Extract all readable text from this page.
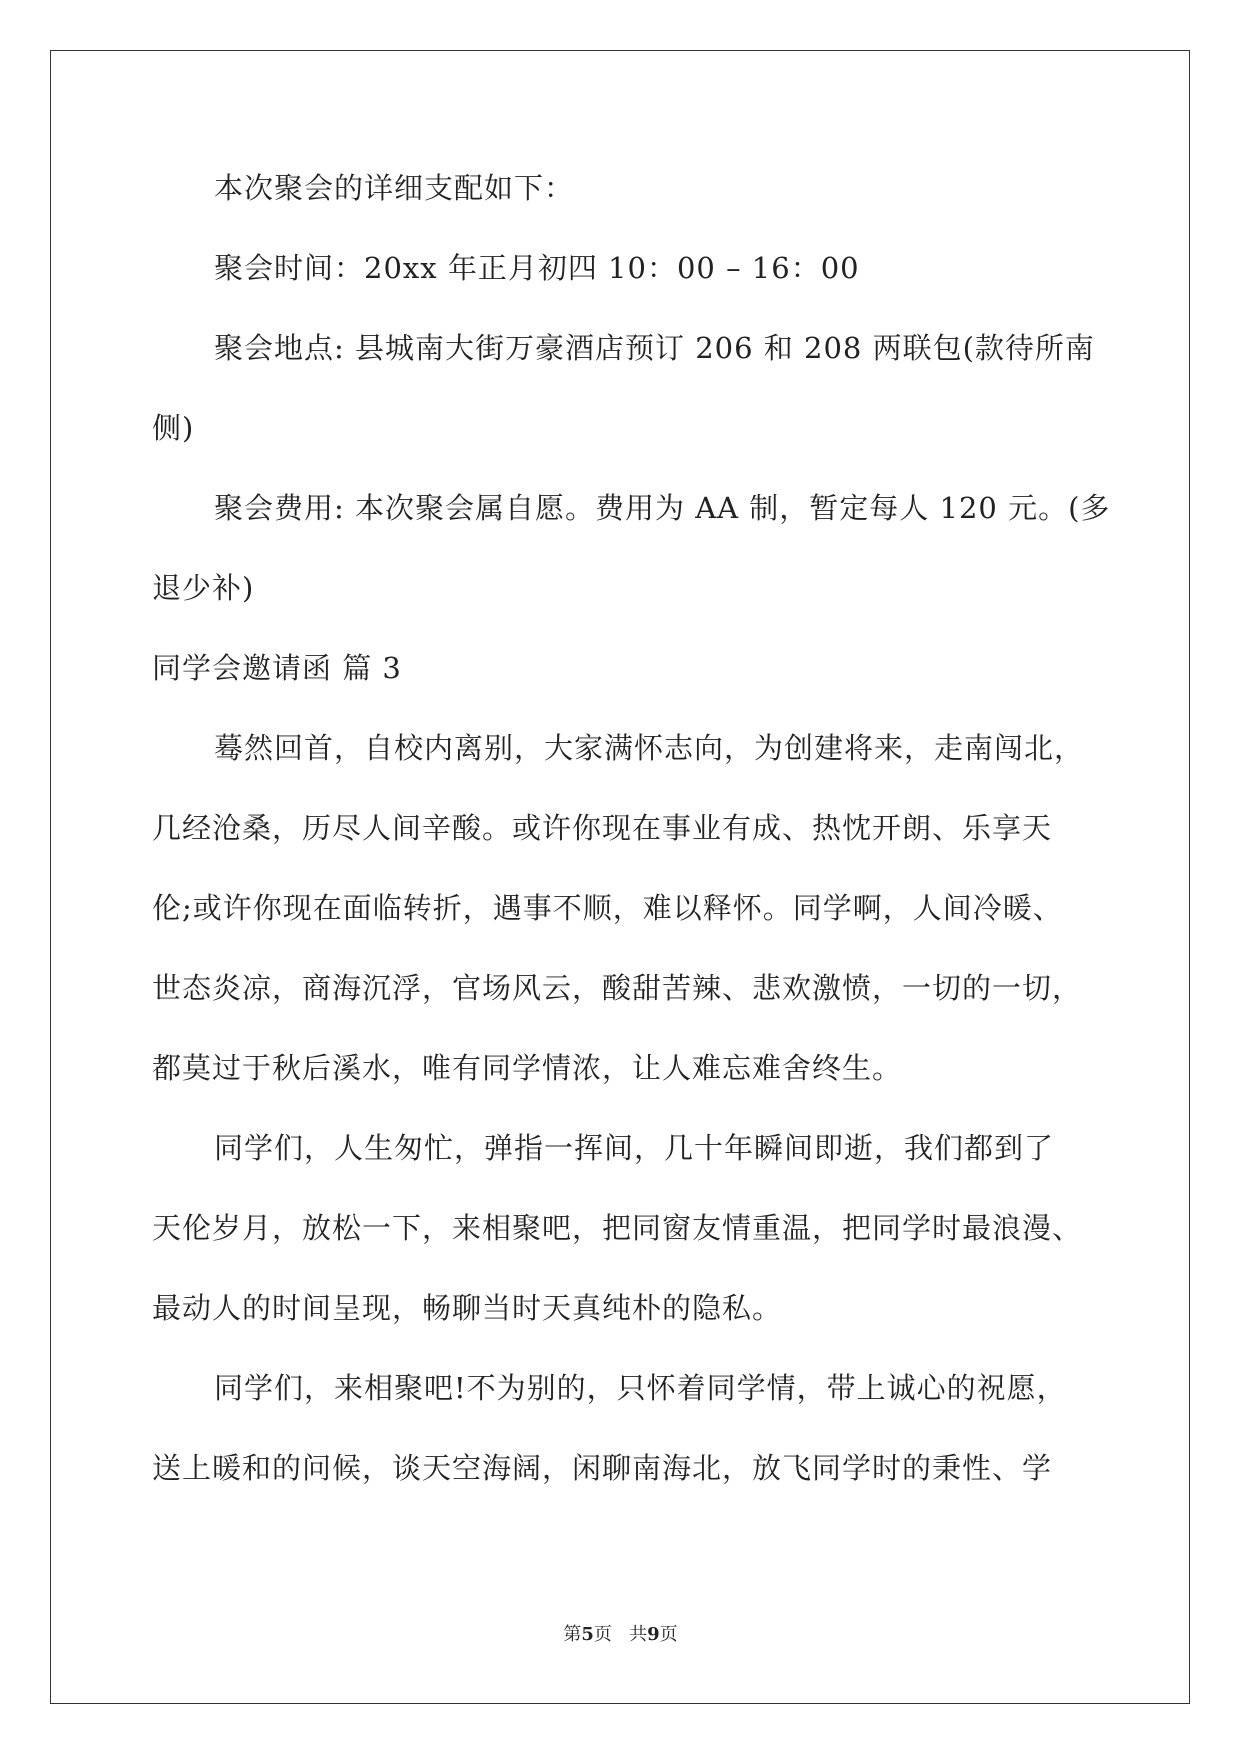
本次聚会的详细支配如下：
聚会时间：20xx 年正月初四 10：00 – 16：00
聚会地点: 县城南大街万豪酒店预订 206 和 208 两联包(款待所南
侧)
聚会费用: 本次聚会属自愿。费用为 AA 制，暂定每人 120 元。(多
退少补)
同学会邀请函 篇 3
蓦然回首，自校内离别，大家满怀志向，为创建将来，走南闯北，
几经沧桑，历尽人间辛酸。或许你现在事业有成、热忱开朗、乐享天
伦;或许你现在面临转折，遇事不顺，难以释怀。同学啊，人间冷暖、
世态炎凉，商海沉浮，官场风云，酸甜苦辣、悲欢激愤，一切的一切，
都莫过于秋后溪水，唯有同学情浓，让人难忘难舍终生。
同学们，人生匆忙，弹指一挥间，几十年瞬间即逝，我们都到了
天伦岁月，放松一下，来相聚吧，把同窗友情重温，把同学时最浪漫、
最动人的时间呈现，畅聊当时天真纯朴的隐私。
同学们，来相聚吧!不为别的，只怀着同学情，带上诚心的祝愿，
送上暖和的问候，谈天空海阔，闲聊南海北，放飞同学时的秉性、学
第5页 共9页
